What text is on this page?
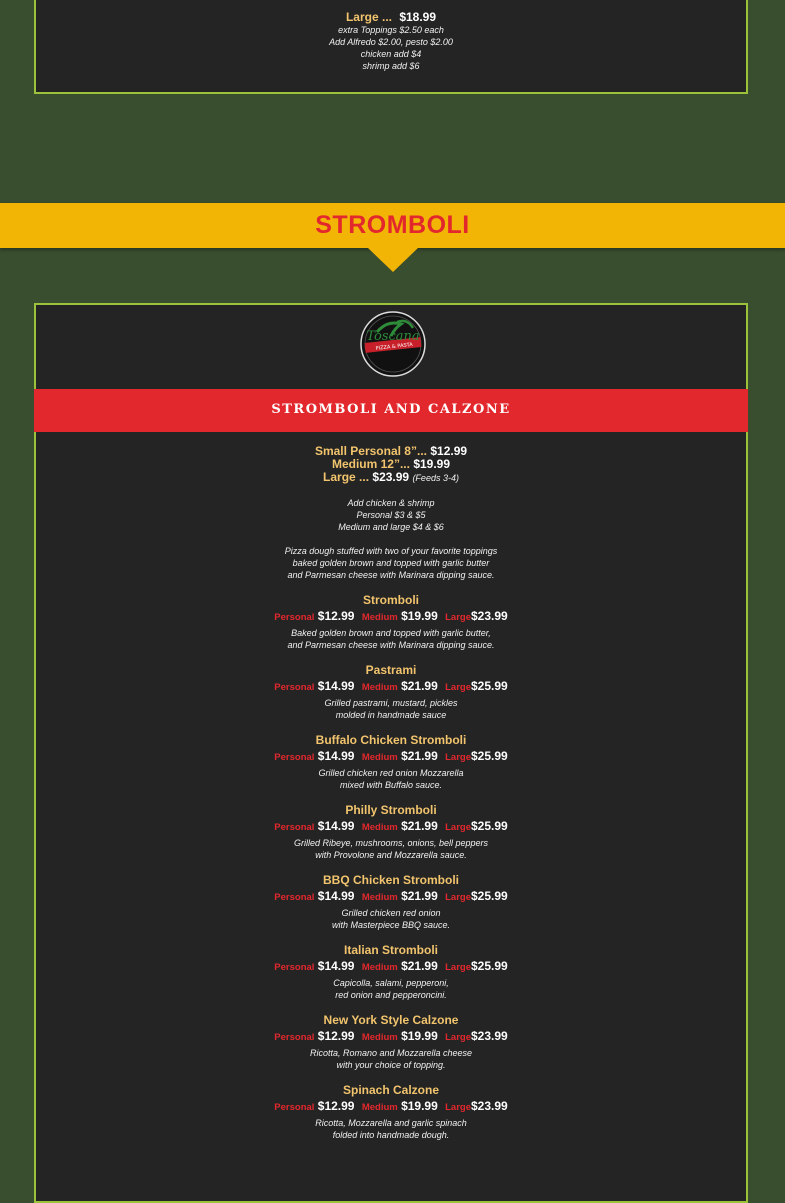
Large ... $18.99
extra Toppings $2.50 each
Add Alfredo $2.00, pesto $2.00
chicken add $4
shrimp add $6
STROMBOLI
Toscana
PIZZA & PASTA
STROMBOLI AND CALZONE
Small Personal 8”... $12.99
Medium 12”... $19.99
Large ... $23.99 (Feeds 3-4)
Add chicken & shrimp
Personal $3 & $5
Medium and large $4 & $6
Pizza dough stuffed with two of your favorite toppings
baked golden brown and topped with garlic butter
and Parmesan cheese with Marinara dipping sauce.
Stromboli
Personal $12.99 Medium $19.99 Large$23.99
Baked golden brown and topped with garlic butter,
and Parmesan cheese with Marinara dipping sauce.
Pastrami
Personal $14.99 Medium $21.99 Large$25.99
Grilled pastrami, mustard, pickles
molded in handmade sauce
Buffalo Chicken Stromboli
Personal $14.99 Medium $21.99 Large$25.99
Grilled chicken red onion Mozzarella
mixed with Buffalo sauce.
Philly Stromboli
Personal $14.99 Medium $21.99 Large$25.99
Grilled Ribeye, mushrooms, onions, bell peppers
with Provolone and Mozzarella sauce.
BBQ Chicken Stromboli
Personal $14.99 Medium $21.99 Large$25.99
Grilled chicken red onion
with Masterpiece BBQ sauce.
Italian Stromboli
Personal $14.99 Medium $21.99 Large$25.99
Capicolla, salami, pepperoni,
red onion and pepperoncini.
New York Style Calzone
Personal $12.99 Medium $19.99 Large$23.99
Ricotta, Romano and Mozzarella cheese
with your choice of topping.
Spinach Calzone
Personal $12.99 Medium $19.99 Large$23.99
Ricotta, Mozzarella and garlic spinach
folded into handmade dough.
